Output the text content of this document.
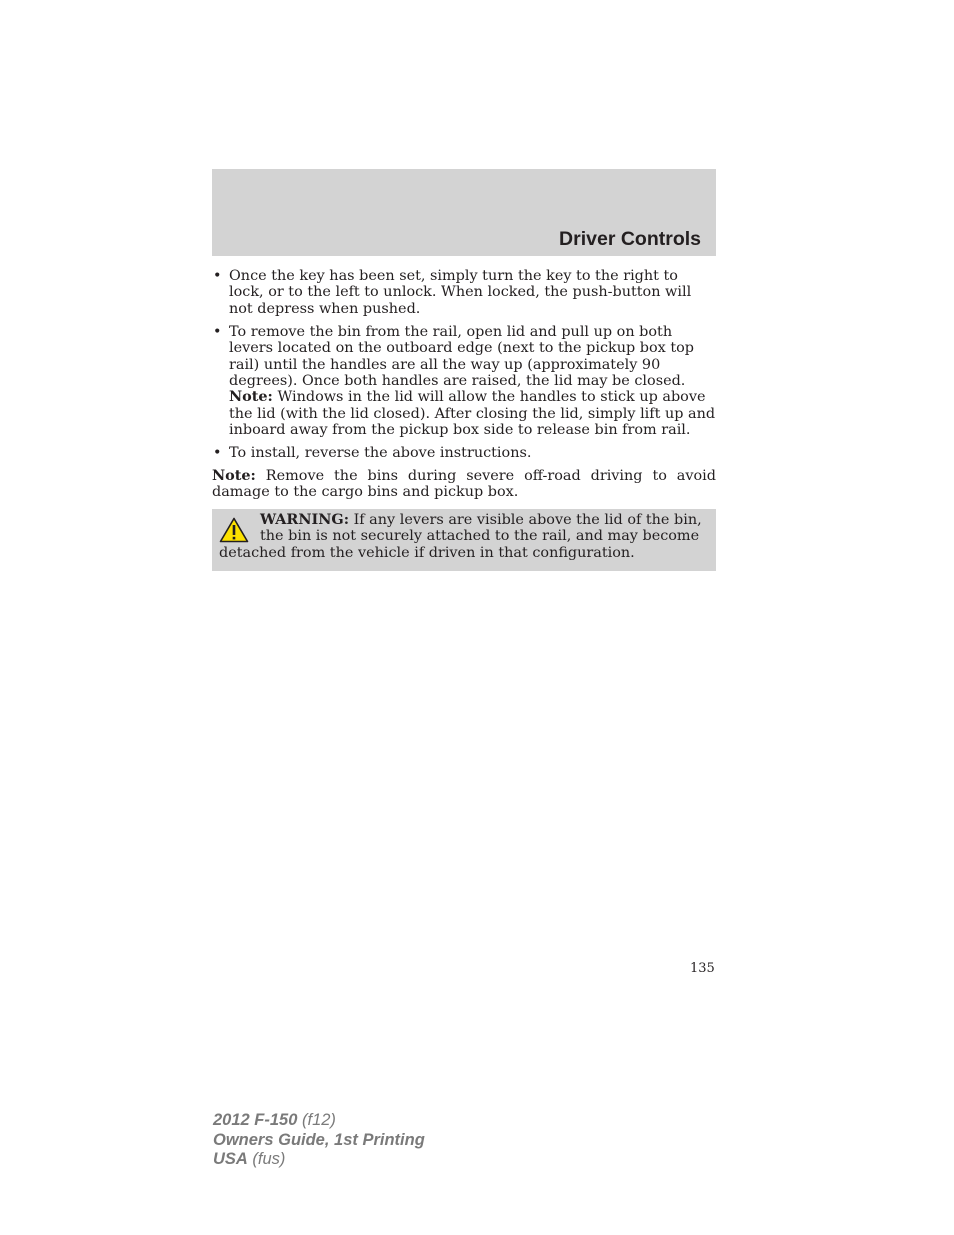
Driver Controls
• Once the key has been set, simply turn the key to the right to lock, or to the left to unlock. When locked, the push-button will not depress when pushed.
• To remove the bin from the rail, open lid and pull up on both levers located on the outboard edge (next to the pickup box top rail) until the handles are all the way up (approximately 90 degrees). Once both handles are raised, the lid may be closed. Note: Windows in the lid will allow the handles to stick up above the lid (with the lid closed). After closing the lid, simply lift up and inboard away from the pickup box side to release bin from rail.
• To install, reverse the above instructions.

Note: Remove the bins during severe off-road driving to avoid damage to the cargo bins and pickup box.

WARNING: If any levers are visible above the lid of the bin, the bin is not securely attached to the rail, and may become detached from the vehicle if driven in that configuration.
135
2012 F-150 (f12)
Owners Guide, 1st Printing
USA (fus)
